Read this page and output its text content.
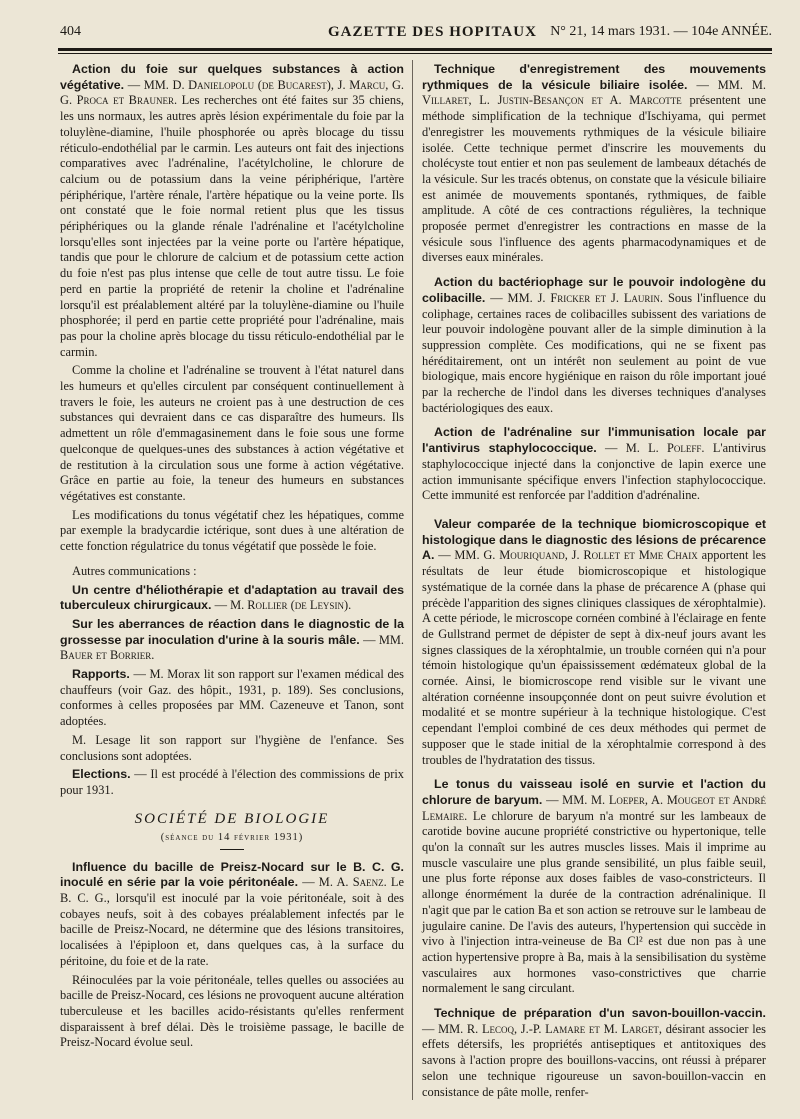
404	GAZETTE DES HOPITAUX N° 21, 14 mars 1931. — 104e ANNÉE.

Action du foie sur quelques substances à action végétative. — MM. D. Danielopolu (de Bucarest), J. Marcu, G. G. Proca et Brauner. Les recherches ont été faites sur 35 chiens, les uns normaux, les autres après lésion expérimentale du foie par la toluylène-diamine, l'huile phosphorée ou après blocage du tissu réticulo-endothélial par le carmin. Les auteurs ont fait des injections comparatives avec l'adrénaline, l'acétylcholine, le chlorure de calcium ou de potassium dans la veine périphérique, l'artère périphérique, l'artère rénale, l'artère hépatique ou la veine porte. Ils ont constaté que le foie normal retient plus que les tissus périphériques ou la glande rénale l'adrénaline et l'acétylcholine lorsqu'elles sont injectées par la veine porte ou l'artère hépatique, tandis que pour le chlorure de calcium et de potassium cette action du foie n'est pas plus intense que celle de tout autre tissu. Le foie perd en partie la propriété de retenir la choline et l'adrénaline lorsqu'il est préalablement altéré par la toluylène-diamine ou l'huile phosphorée; il perd en partie cette propriété pour l'adrénaline, mais pas pour la choline après blocage du tissu réticulo-endothélial par le carmin.

Comme la choline et l'adrénaline se trouvent à l'état naturel dans les humeurs et qu'elles circulent par conséquent continuellement à travers le foie, les auteurs ne croient pas à une destruction de ces substances qui devraient dans ce cas disparaître des humeurs. Ils admettent un rôle d'emmagasinement dans le foie sous une forme quelconque de quelques-unes des substances à action végétative et de restitution à la circulation sous une forme à action végétative. Grâce en partie au foie, la teneur des humeurs en substances végétatives est constante.

Les modifications du tonus végétatif chez les hépatiques, comme par exemple la bradycardie ictérique, sont dues à une altération de cette fonction régulatrice du tonus végétatif que possède le foie.

Autres communications :

Un centre d'héliothérapie et d'adaptation au travail des tuberculeux chirurgicaux. — M. Rollier (de Leysin).

Sur les aberrances de réaction dans le diagnostic de la grossesse par inoculation d'urine à la souris mâle. — MM. Bauer et Borrier.

Rapports. — M. Morax lit son rapport sur l'examen médical des chauffeurs (voir Gaz. des hôpit., 1931, p. 189). Ses conclusions, conformes à celles proposées par MM. Cazeneuve et Tanon, sont adoptées.

M. Lesage lit son rapport sur l'hygiène de l'enfance. Ses conclusions sont adoptées.

Elections. — Il est procédé à l'élection des commissions de prix pour 1931.

SOCIÉTÉ DE BIOLOGIE
(séance du 14 février 1931)

Influence du bacille de Preisz-Nocard sur le B. C. G. inoculé en série par la voie péritonéale. — M. A. Saenz. Le B. C. G., lorsqu'il est inoculé par la voie péritonéale, soit à des cobayes neufs, soit à des cobayes préalablement infectés par le bacille de Preisz-Nocard, ne détermine que des lésions transitoires, localisées à l'épiploon et, dans quelques cas, à la surface du péritoine, du foie et de la rate.

Réinoculées par la voie péritonéale, telles quelles ou associées au bacille de Preisz-Nocard, ces lésions ne provoquent aucune altération tuberculeuse et les bacilles acido-résistants qu'elles renferment disparaissent à bref délai. Dès le troisième passage, le bacille de Preisz-Nocard évolue seul.

Technique d'enregistrement des mouvements rythmiques de la vésicule biliaire isolée. — MM. M. Villaret, L. Justin-Besançon et A. Marcotte présentent une méthode simplification de la technique d'Ischiyama, qui permet d'enregistrer les mouvements rythmiques de la vésicule biliaire isolée. Cette technique permet d'inscrire les mouvements du cholécyste tout entier et non pas seulement de lambeaux détachés de la vésicule. Sur les tracés obtenus, on constate que la vésicule biliaire est animée de mouvements spontanés, rythmiques, de faible amplitude. A côté de ces contractions régulières, la technique proposée permet d'enregistrer les contractions en masse de la vésicule sous l'influence des agents pharmacodynamiques et de diverses eaux minérales.

Action du bactériophage sur le pouvoir indologène du colibacille. — MM. J. Fricker et J. Laurin. Sous l'influence du coliphage, certaines races de colibacilles subissent des variations de leur pouvoir indologène pouvant aller de la simple diminution à la suppression complète. Ces modifications, qui ne se fixent pas héréditairement, ont un intérêt non seulement au point de vue biologique, mais encore hygiénique en raison du rôle important joué par la recherche de l'indol dans les diverses techniques d'analyses bactériologiques des eaux.

Action de l'adrénaline sur l'immunisation locale par l'antivirus staphylococcique. — M. L. Poleff. L'antivirus staphylococcique injecté dans la conjonctive de lapin exerce une action immunisante spécifique envers l'infection staphylococcique. Cette immunité est renforcée par l'addition d'adrénaline.

Valeur comparée de la technique biomicroscopique et histologique dans le diagnostic des lésions de précarence A. — MM. G. Mouriquand, J. Rollet et Mme Chaix apportent les résultats de leur étude biomicroscopique et histologique systématique de la cornée dans la phase de précarence A (phase qui précède l'apparition des signes cliniques classiques de xérophtalmie). A cette période, le microscope cornéen combiné à l'éclairage en fente de Gullstrand permet de dépister de sept à dix-neuf jours avant les signes classiques de la xérophtalmie, un trouble cornéen qui n'a pour témoin histologique qu'un épaississement œdémateux global de la cornée. Ainsi, le biomicroscope rend visible sur le vivant une altération cornéenne insoupçonnée dont on peut suivre évolution et modalité et se montre supérieur à la technique histologique. C'est cependant l'emploi combiné de ces deux méthodes qui permet de supposer que le stade initial de la xérophtalmie correspond à des troubles de l'hydratation des tissus.

Le tonus du vaisseau isolé en survie et l'action du chlorure de baryum. — MM. M. Loeper, A. Mougeot et André Lemaire. Le chlorure de baryum n'a montré sur les lambeaux de carotide bovine aucune propriété constrictive ou hypertonique, telle qu'on la connaît sur les autres muscles lisses. Mais il imprime au muscle vasculaire une plus grande sensibilité, un plus faible seuil, une plus forte réponse aux doses faibles de vaso-constricteurs. Il allonge énormément la durée de la contraction adrénalinique. Il n'agit que par le cation Ba et son action se retrouve sur le lambeau de jugulaire canine. De l'avis des auteurs, l'hypertension qui succède in vivo à l'injection intra-veineuse de Ba Cl² est due non pas à une action hypertensive propre à Ba, mais à la sensibilisation du système vasculaires aux hormones vaso-constrictives que charrie normalement le sang circulant.

Technique de préparation d'un savon-bouillon-vaccin. — MM. R. Lecoq, J.-P. Lamare et M. Larget, désirant associer les effets détersifs, les propriétés antiseptiques et antitoxiques des savons à l'action propre des bouillons-vaccins, ont réussi à préparer selon une technique rigoureuse un savon-bouillon-vaccin en consistance de pâte molle, renfer-
